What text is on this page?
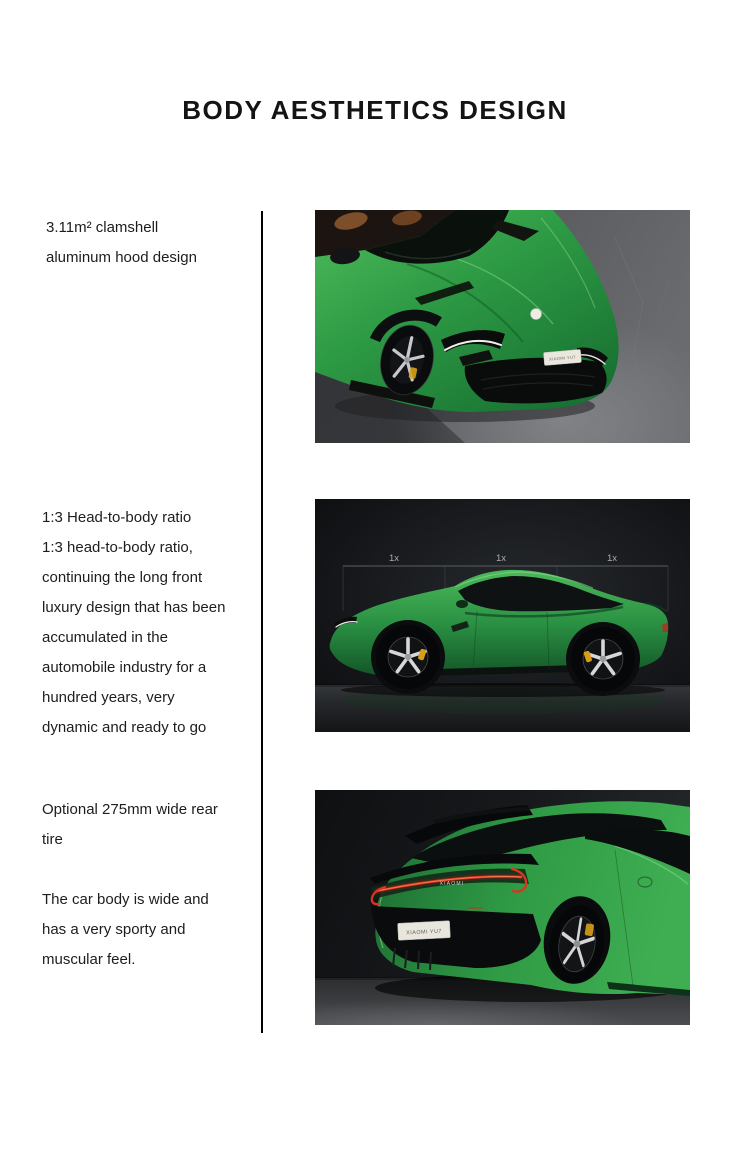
BODY AESTHETICS DESIGN
3.11m² clamshell
aluminum hood design
1:3 Head-to-body ratio
1:3 head-to-body ratio,
continuing the long front
luxury design that has been
accumulated in the
automobile industry for a
hundred years, very
dynamic and ready to go
Optional 275mm wide rear
tire
The car body is wide and
has a very sporty and
muscular feel.
XIAOMI YU7
1x	1x	1x
XIAOMI
XIAOMI YU7
